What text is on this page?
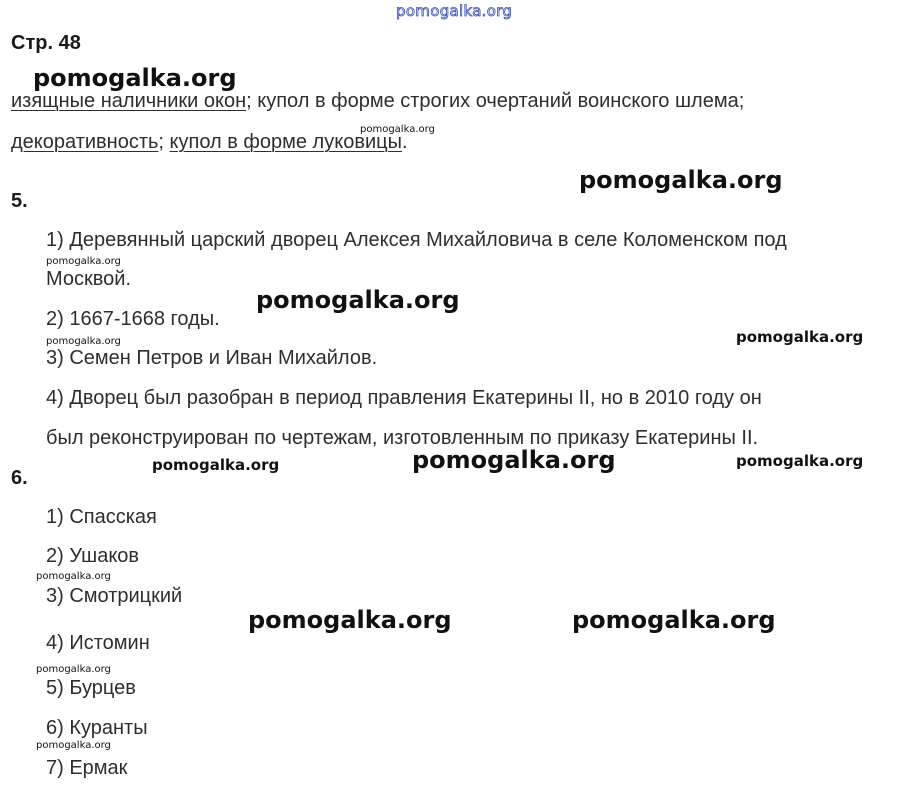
pomogalka.org
Стр. 48
изящные наличники окон; купол в форме строгих очертаний воинского шлема;
декоративность; купол в форме луковицы.
5.
1) Деревянный царский дворец Алексея Михайловича в селе Коломенском под
Москвой.
2) 1667-1668 годы.
3) Семен Петров и Иван Михайлов.
4) Дворец был разобран в период правления Екатерины II, но в 2010 году он
был реконструирован по чертежам, изготовленным по приказу Екатерины II.
6.
1) Спасская
2) Ушаков
3) Смотрицкий
4) Истомин
5) Бурцев
6) Куранты
7) Ермак
pomogalka.org
pomogalka.org
pomogalka.org
pomogalka.org
pomogalka.org
pomogalka.org
pomogalka.org
pomogalka.org	pomogalka.org	pomogalka.org
pomogalka.org
pomogalka.org	pomogalka.org
pomogalka.org
pomogalka.org
